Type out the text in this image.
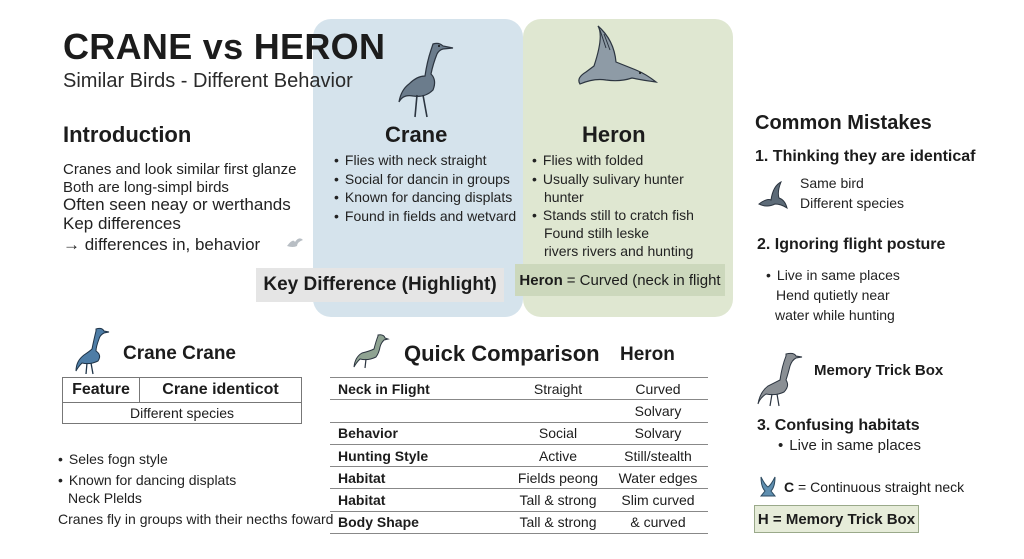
CRANE vs HERON
Similar Birds - Different Behavior
Introduction
Cranes and look similar first glanze
Both are long-simpl birds
Often seen neay or werthands
Kep differences
→ differences in, behavior
Crane
• Flies with neck straight
• Social for dancin in groups
• Known for dancing displats
• Found in fields and wetvard
Heron
• Flies with folded
• Usually sulivary hunter
hunter
• Stands still to cratch fish
Found stilh leske
rivers rivers and hunting
Key Difference (Highlight)	Heron = Curved (neck in flight
Crane Crane
Feature	Crane identicot
Different species
• Seles foɡn style
• Known for dancing displats
Neck Plelds
Cranes fly in groups with their necths foward
Quick Comparison Heron
Neck in Flight	Straight	Curved
		Solvary
Behavior	Social	Solvary
Hunting Style	Active	Still/stealth
Habitat	Fields peong	Water edges
Habitat	Tall & strong	Slim curved
Body Shape	Tall & strong	& curved
Common Mistakes
1. Thinking they are identicaf
Same bird
Different species
2. Ignoring flight posture
• Live in same places
Hend qutietly near
water while hunting
Memory Trick Box
3. Confusing habitats
• Live in same places
C = Continuous straight neck
H = Memory Trick Box
